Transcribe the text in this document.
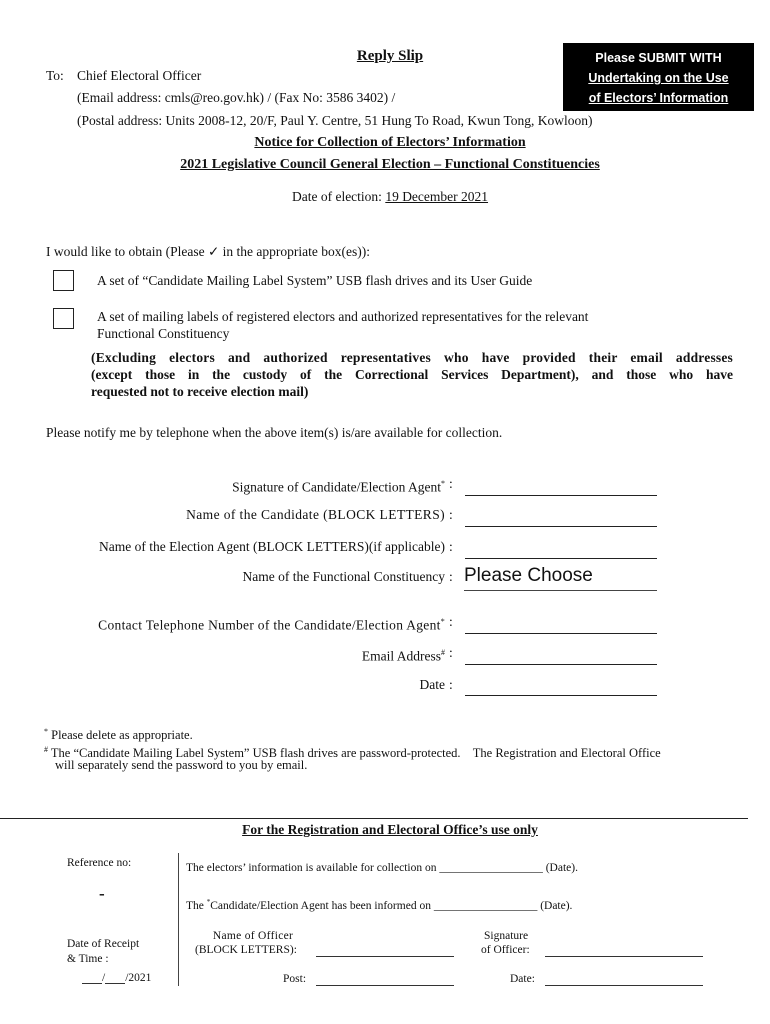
Reply Slip	Please SUBMIT WITH
Undertaking on the Use
of Electors’ Information
To: Chief Electoral Officer
(Email address: cmls@reo.gov.hk) / (Fax No: 3586 3402) /
(Postal address: Units 2008-12, 20/F, Paul Y. Centre, 51 Hung To Road, Kwun Tong, Kowloon)
Notice for Collection of Electors’ Information
2021 Legislative Council General Election – Functional Constituencies
Date of election: 19 December 2021
I would like to obtain (Please ✓ in the appropriate box(es)):
A set of “Candidate Mailing Label System” USB flash drives and its User Guide
A set of mailing labels of registered electors and authorized representatives for the relevant
Functional Constituency
(Excluding electors and authorized representatives who have provided their email addresses
(except those in the custody of the Correctional Services Department), and those who have
requested not to receive election mail)
Please notify me by telephone when the above item(s) is/are available for collection.
Signature of Candidate/Election Agent* :
Name of the Candidate (BLOCK LETTERS) :
Name of the Election Agent (BLOCK LETTERS)(if applicable) :
Name of the Functional Constituency : Please Choose
Contact Telephone Number of the Candidate/Election Agent* :
Email Address# :
Date :
* Please delete as appropriate.
# The “Candidate Mailing Label System” USB flash drives are password-protected.    The Registration and Electoral Office
will separately send the password to you by email.
For the Registration and Electoral Office’s use only
Reference no:
-
Date of Receipt
& Time :
/ /2021
The electors’ information is available for collection on __________________ (Date).
The *Candidate/Election Agent has been informed on __________________ (Date).
Name of Officer
(BLOCK LETTERS):
Signature
of Officer:
Post:	Date:
